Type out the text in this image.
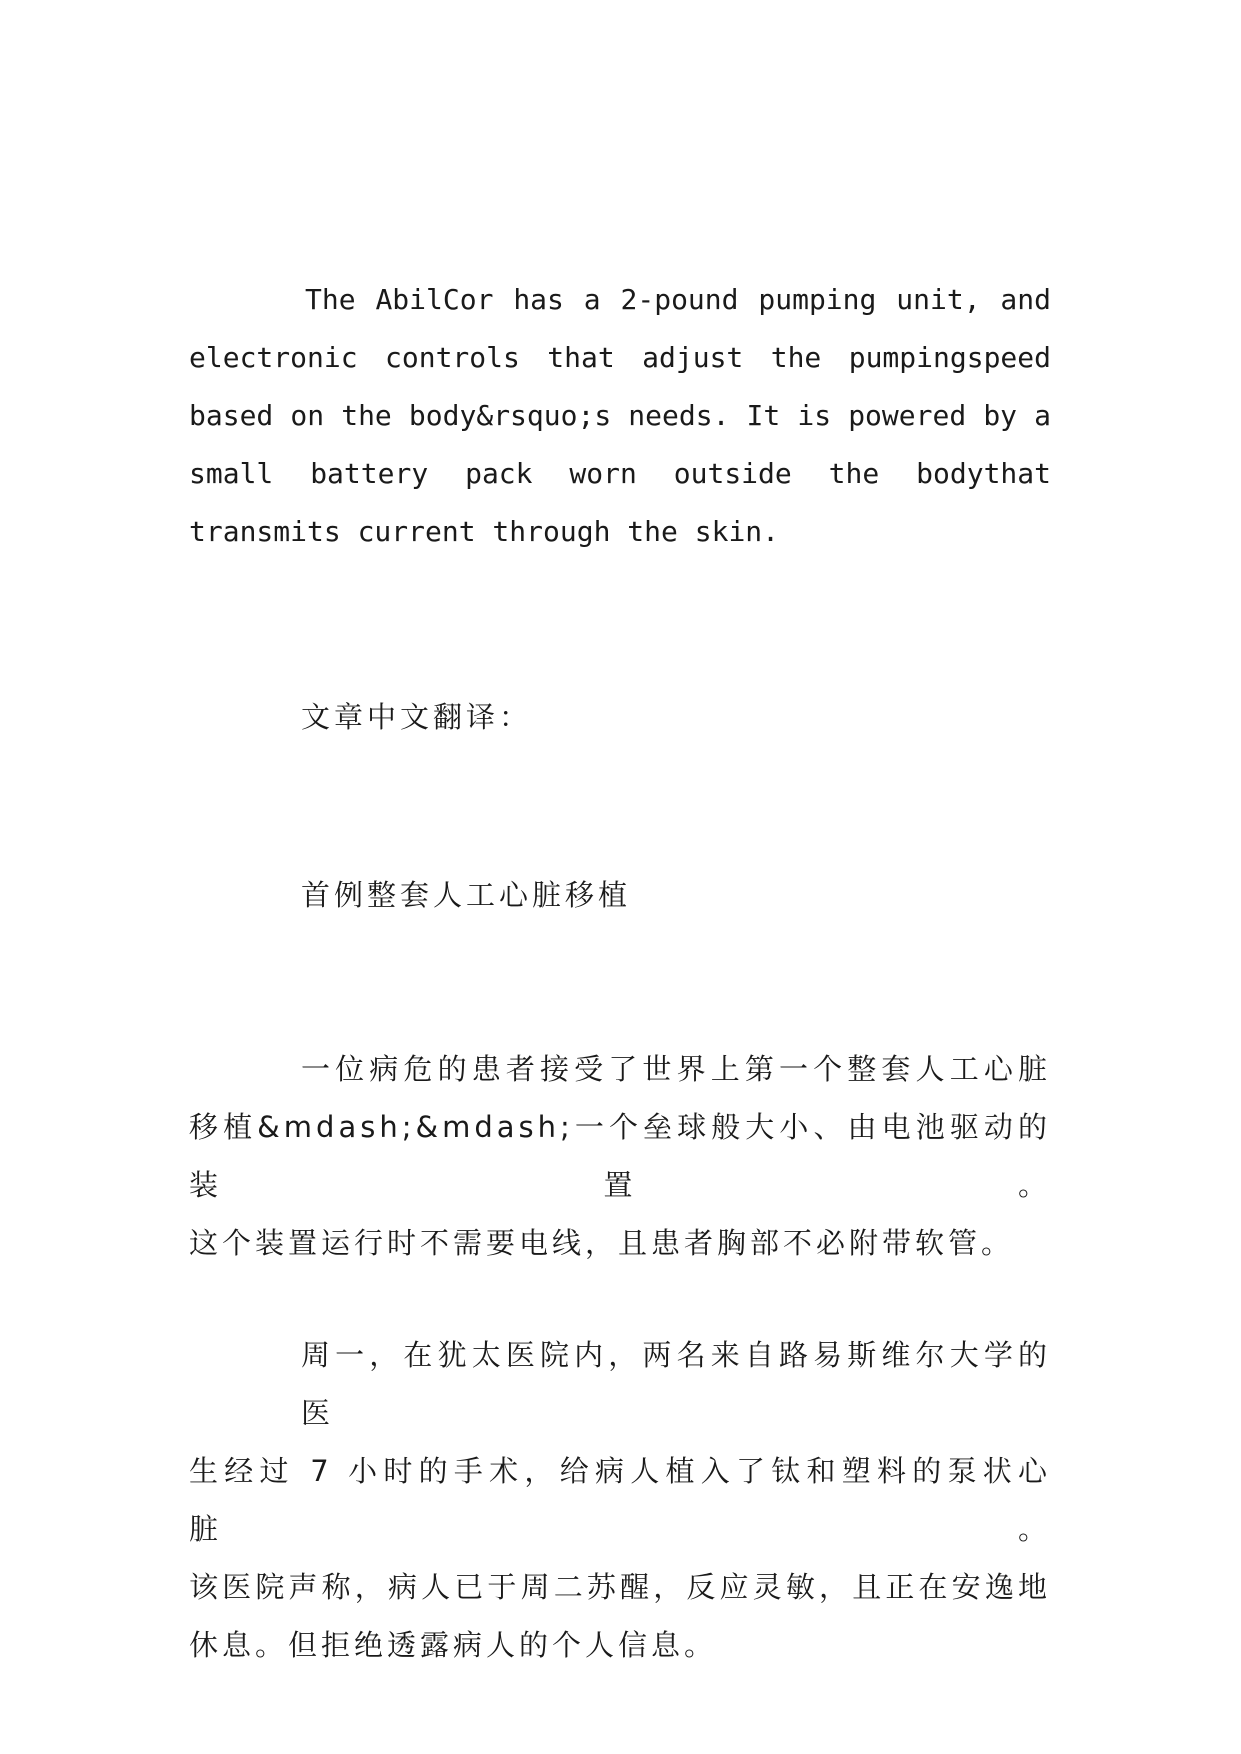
The AbilCor has a 2-pound pumping unit, and
electronic controls that adjust the pumpingspeed
based on the body&rsquo;s needs. It is powered by a
small battery pack worn outside the bodythat
transmits current through the skin.
文章中文翻译：
首例整套人工心脏移植
一位病危的患者接受了世界上第一个整套人工心脏
移植&mdash;&mdash;一个垒球般大小、由电池驱动的装置。
这个装置运行时不需要电线，且患者胸部不必附带软管。
周一，在犹太医院内，两名来自路易斯维尔大学的医
生经过 7 小时的手术，给病人植入了钛和塑料的泵状心脏。
该医院声称，病人已于周二苏醒，反应灵敏，且正在安逸地
休息。但拒绝透露病人的个人信息。
